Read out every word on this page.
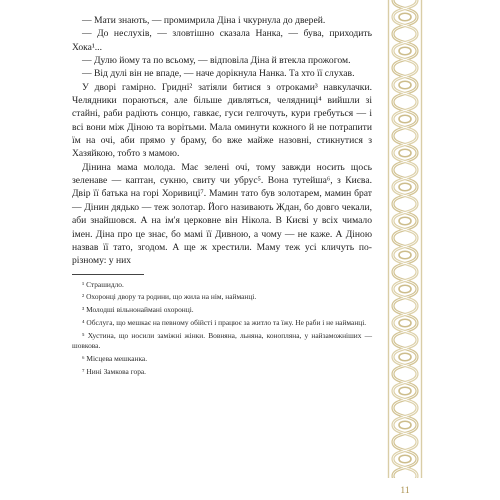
— Мати знають, — промимрила Діна і чкурнула до дверей.

— До неслухів, — зловтішно сказала Нанка, — бува, приходить Хока¹...

— Дулю йому та по всьому, — відповіла Діна й втекла прожогом.

— Від дулі він не впаде, — наче дорікнула Нанка. Та хто її слухав.

У дворі гамірно. Гридні² затіяли битися з отроками³ навкулачки. Челядники пораються, але більше дивляться, челядниці⁴ вийшли зі стайні, раби радіють сонцю, гавкає, гуси гелгочуть, кури гребуться — і всі вони між Діною та ворітьми. Мала оминути кожного й не потрапити їм на очі, аби прямо у браму, бо вже майже назовні, стикнутися з Хазяйкою, тобто з мамою.

Дінина мама молода. Має зелені очі, тому завжди носить щось зеленаве — каптан, сукню, свиту чи убрус⁵. Вона тутейша⁶, з Києва. Двір її батька на горі Хоривиці⁷. Мамин тато був золотарем, мамин брат — Дінин дядько — теж золотар. Його називають Ждан, бо довго чекали, аби знайшовся. А на ім'я церковне він Нікола. В Києві у всіх чимало імен. Діна про це знає, бо мамі її Дивною, а чому — не каже. А Діною назвав її тато, згодом. А ще ж хрестили. Маму теж усі кличуть по-різному: у них

¹ Страшидло.

² Охоронці двору та родини, що жила на нім, найманці.

³ Молодші вільнонаймані охоронці.

⁴ Обслуга, що мешкає на певному обійсті і працює за житло та їжу. Не раби і не найманці.

⁵ Хустина, що носили заміжні жінки. Вовняна, льняна, конопляна, у найзаможніших — шовкова.

⁶ Місцева мешканка.

⁷ Нині Замкова гора.

11
